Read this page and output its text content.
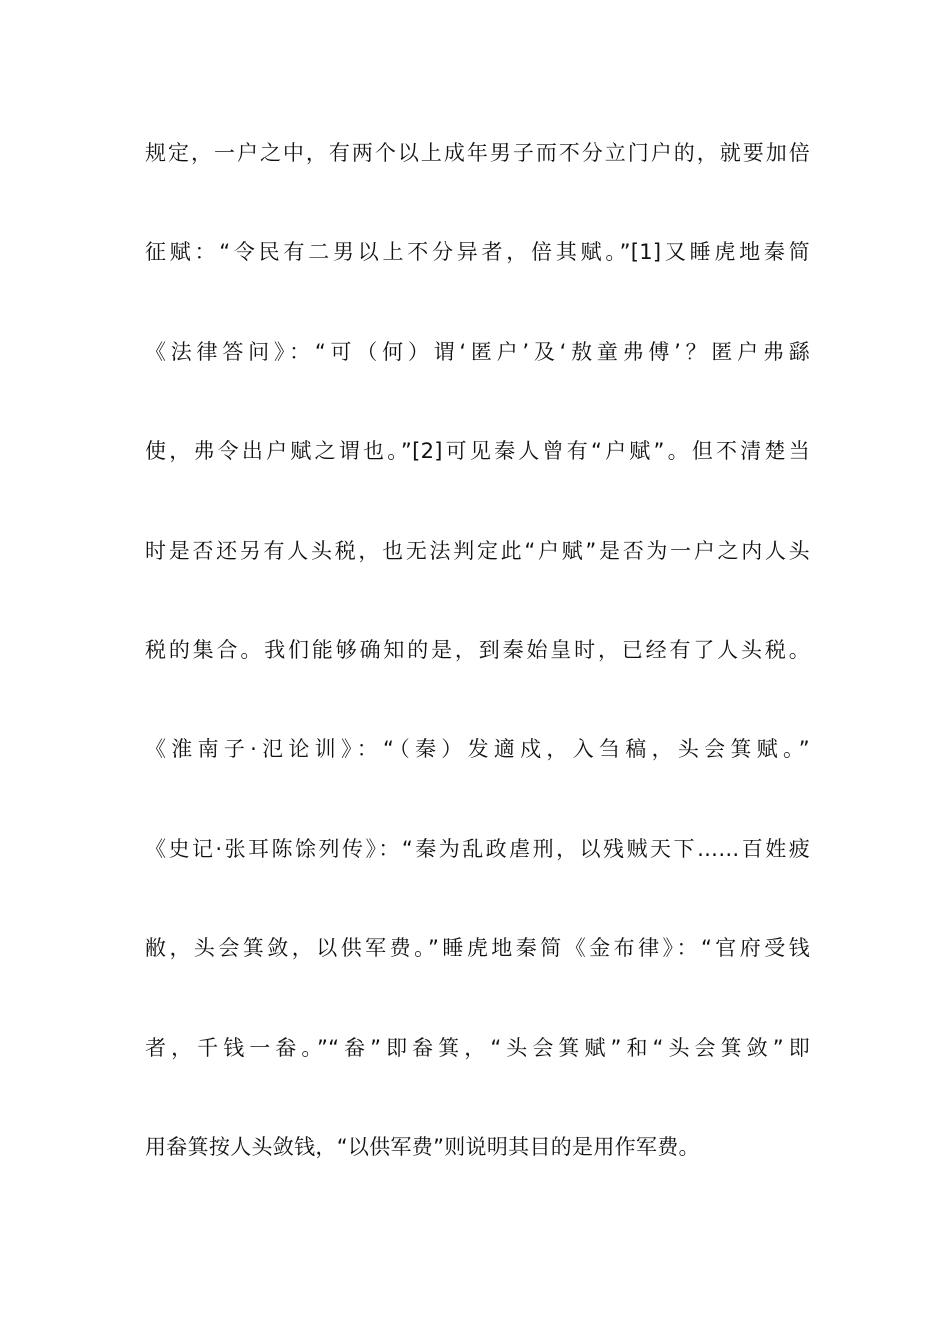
规定，一户之中，有两个以上成年男子而不分立门户的，就要加倍
征赋：“令民有二男以上不分异者，倍其赋。”[1]又睡虎地秦简
《法律答问》：“可（何）谓‘匿户’及‘敖童弗傅’？匿户弗繇
使，弗令出户赋之谓也。”[2]可见秦人曾有“户赋”。但不清楚当
时是否还另有人头税，也无法判定此“户赋”是否为一户之内人头
税的集合。我们能够确知的是，到秦始皇时，已经有了人头税。
《淮南子·氾论训》：“（秦）发適戍，入刍稿，头会箕赋。”
《史记·张耳陈馀列传》：“秦为乱政虐刑，以残贼天下……百姓疲
敝，头会箕敛，以供军费。”睡虎地秦简《金布律》：“官府受钱
者，千钱一畚。”“畚”即畚箕，“头会箕赋”和“头会箕敛”即
用畚箕按人头敛钱，“以供军费”则说明其目的是用作军费。
